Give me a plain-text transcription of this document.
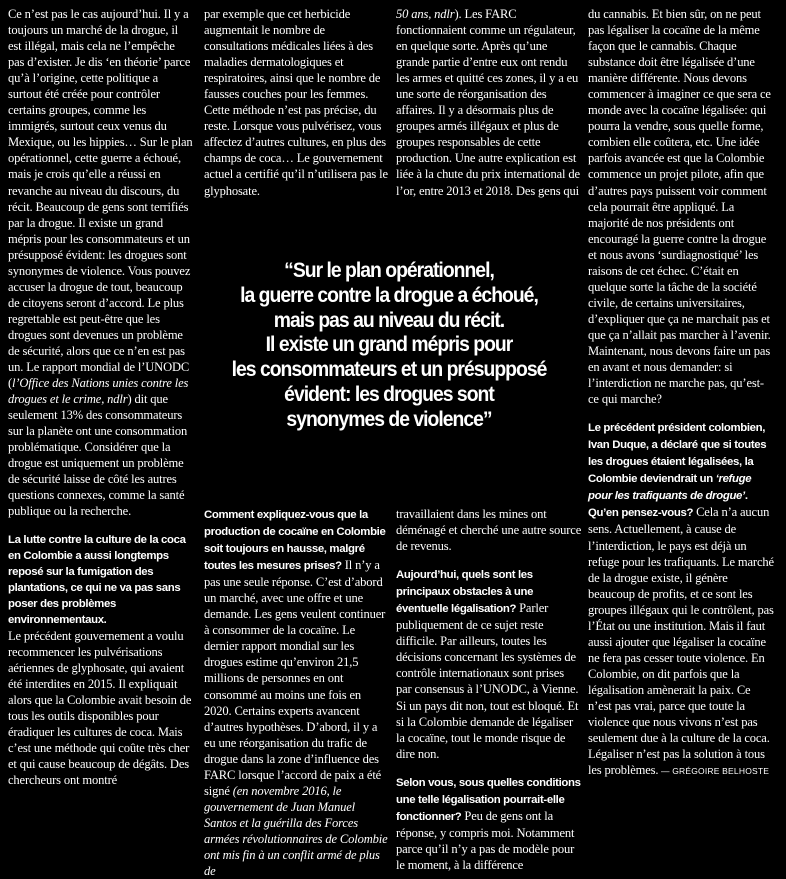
Ce n’est pas le cas aujourd’hui. Il y a toujours un marché de la drogue, il est illégal, mais cela ne l’empêche pas d’exister. Je dis ‘en théorie’ parce qu’à l’origine, cette politique a surtout été créée pour contrôler certains groupes, comme les immigrés, surtout ceux venus du Mexique, ou les hippies… Sur le plan opérationnel, cette guerre a échoué, mais je crois qu’elle a réussi en revanche au niveau du discours, du récit. Beaucoup de gens sont terrifiés par la drogue. Il existe un grand mépris pour les consommateurs et un présupposé évident: les drogues sont synonymes de violence. Vous pouvez accuser la drogue de tout, beaucoup de citoyens seront d’accord. Le plus regrettable est peut-être que les drogues sont devenues un problème de sécurité, alors que ce n’en est pas un. Le rapport mondial de l’UNODC (l’Office des Nations unies contre les drogues et le crime, ndlr) dit que seulement 13% des consommateurs sur la planète ont une consommation problématique. Considérer que la drogue est uniquement un problème de sécurité laisse de côté les autres questions connexes, comme la santé publique ou la recherche.

La lutte contre la culture de la coca en Colombie a aussi longtemps reposé sur la fumigation des plantations, ce qui ne va pas sans poser des problèmes environnementaux.

Le précédent gouvernement a voulu recommencer les pulvérisations aériennes de glyphosate, qui avaient été interdites en 2015. Il expliquait alors que la Colombie avait besoin de tous les outils disponibles pour éradiquer les cultures de coca. Mais c’est une méthode qui coûte très cher et qui cause beaucoup de dégâts. Des chercheurs ont montré

par exemple que cet herbicide augmentait le nombre de consultations médicales liées à des maladies dermatologiques et respiratoires, ainsi que le nombre de fausses couches pour les femmes. Cette méthode n’est pas précise, du reste. Lorsque vous pulvérisez, vous affectez d’autres cultures, en plus des champs de coca… Le gouvernement actuel a certifié qu’il n’utilisera pas le glyphosate.

50 ans, ndlr). Les FARC fonctionnaient comme un régulateur, en quelque sorte. Après qu’une grande partie d’entre eux ont rendu les armes et quitté ces zones, il y a eu une sorte de réorganisation des affaires. Il y a désormais plus de groupes armés illégaux et plus de groupes responsables de cette production. Une autre explication est liée à la chute du prix international de l’or, entre 2013 et 2018. Des gens qui

“Sur le plan opérationnel,
la guerre contre la drogue a échoué,
mais pas au niveau du récit.
Il existe un grand mépris pour
les consommateurs et un présupposé
évident: les drogues sont
synonymes de violence”

Comment expliquez-vous que la production de cocaïne en Colombie soit toujours en hausse, malgré toutes les mesures prises? Il n’y a pas une seule réponse. C’est d’abord un marché, avec une offre et une demande. Les gens veulent continuer à consommer de la cocaïne. Le dernier rapport mondial sur les drogues estime qu’environ 21,5 millions de personnes en ont consommé au moins une fois en 2020. Certains experts avancent d’autres hypothèses. D’abord, il y a eu une réorganisation du trafic de drogue dans la zone d’influence des FARC lorsque l’accord de paix a été signé (en novembre 2016, le gouvernement de Juan Manuel Santos et la guérilla des Forces armées révolutionnaires de Colombie ont mis fin à un conflit armé de plus de

travaillaient dans les mines ont déménagé et cherché une autre source de revenus.

Aujourd’hui, quels sont les principaux obstacles à une éventuelle légalisation? Parler publiquement de ce sujet reste difficile. Par ailleurs, toutes les décisions concernant les systèmes de contrôle internationaux sont prises par consensus à l’UNODC, à Vienne. Si un pays dit non, tout est bloqué. Et si la Colombie demande de légaliser la cocaïne, tout le monde risque de dire non.

Selon vous, sous quelles conditions une telle légalisation pourrait-elle fonctionner? Peu de gens ont la réponse, y compris moi. Notamment parce qu’il n’y a pas de modèle pour le moment, à la différence

du cannabis. Et bien sûr, on ne peut pas légaliser la cocaïne de la même façon que le cannabis. Chaque substance doit être légalisée d’une manière différente. Nous devons commencer à imaginer ce que sera ce monde avec la cocaïne légalisée: qui pourra la vendre, sous quelle forme, combien elle coûtera, etc. Une idée parfois avancée est que la Colombie commence un projet pilote, afin que d’autres pays puissent voir comment cela pourrait être appliqué. La majorité de nos présidents ont encouragé la guerre contre la drogue et nous avons ‘surdiagnostiqué’ les raisons de cet échec. C’était en quelque sorte la tâche de la société civile, de certains universitaires, d’expliquer que ça ne marchait pas et que ça n’allait pas marcher à l’avenir. Maintenant, nous devons faire un pas en avant et nous demander: si l’interdiction ne marche pas, qu’est-ce qui marche?

Le précédent président colombien, Ivan Duque, a déclaré que si toutes les drogues étaient légalisées, la Colombie deviendrait un ‘refuge pour les trafiquants de drogue’. Qu’en pensez-vous? Cela n’a aucun sens. Actuellement, à cause de l’interdiction, le pays est déjà un refuge pour les trafiquants. Le marché de la drogue existe, il génère beaucoup de profits, et ce sont les groupes illégaux qui le contrôlent, pas l’État ou une institution. Mais il faut aussi ajouter que légaliser la cocaïne ne fera pas cesser toute violence. En Colombie, on dit parfois que la légalisation amènerait la paix. Ce n’est pas vrai, parce que toute la violence que nous vivons n’est pas seulement due à la culture de la coca. Légaliser n’est pas la solution à tous les problèmes. — GRÉGOIRE BELHOSTE
